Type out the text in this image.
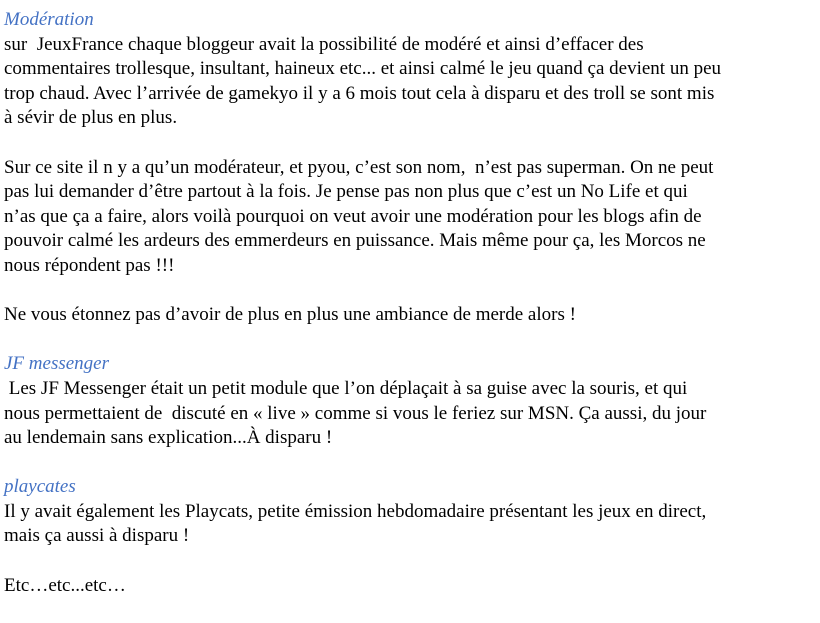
Modération
sur  JeuxFrance chaque bloggeur avait la possibilité de modéré et ainsi d’effacer des
commentaires trollesque, insultant, haineux etc... et ainsi calmé le jeu quand ça devient un peu
trop chaud. Avec l’arrivée de gamekyo il y a 6 mois tout cela à disparu et des troll se sont mis
à sévir de plus en plus.
Sur ce site il n y a qu’un modérateur, et pyou, c’est son nom,  n’est pas superman. On ne peut
pas lui demander d’être partout à la fois. Je pense pas non plus que c’est un No Life et qui
n’as que ça a faire, alors voilà pourquoi on veut avoir une modération pour les blogs afin de
pouvoir calmé les ardeurs des emmerdeurs en puissance. Mais même pour ça, les Morcos ne
nous répondent pas !!!
Ne vous étonnez pas d’avoir de plus en plus une ambiance de merde alors !
JF messenger
Les JF Messenger était un petit module que l’on déplaçait à sa guise avec la souris, et qui
nous permettaient de  discuté en « live » comme si vous le feriez sur MSN. Ça aussi, du jour
au lendemain sans explication...À disparu !
playcates
Il y avait également les Playcats, petite émission hebdomadaire présentant les jeux en direct,
mais ça aussi à disparu !
Etc…etc...etc…
